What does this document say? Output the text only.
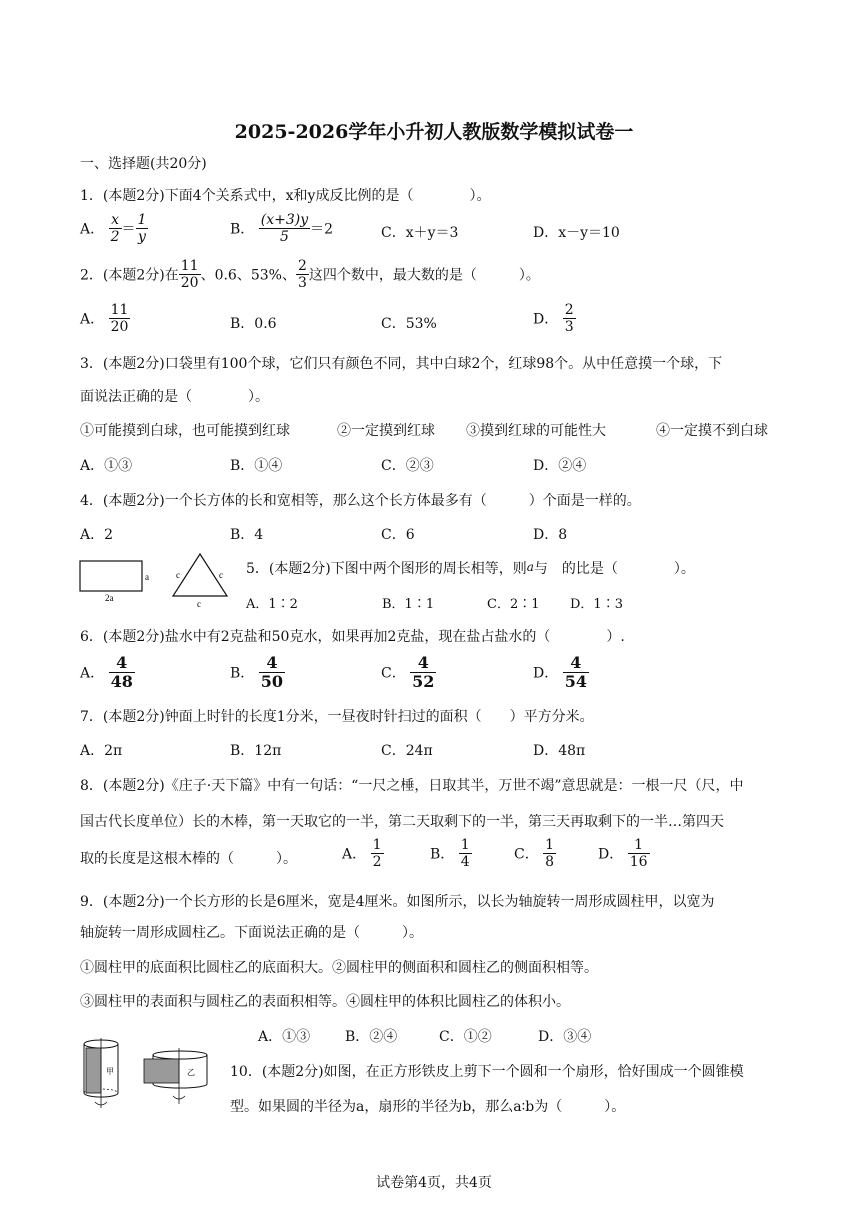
2025-2026学年小升初人教版数学模拟试卷一
一、选择题(共20分)
1．(本题2分)下面4个关系式中，x和y成反比例的是（　　　　）。
A． $\frac{x}{2} = \frac{1}{y}$	B． $\frac{(x+3)y}{5} =2$	C．x＋y＝3	D．x－y＝10
2．(本题2分)在 $\frac{11}{20}$ 、0.6、53%、 $\frac{2}{3}$ 这四个数中，最大数的是（　　　）。
A． $\frac{11}{20}$	B．0.6	C．53%	D． $\frac{2}{3}$
3．(本题2分)口袋里有100个球，它们只有颜色不同，其中白球2个，红球98个。从中任意摸一个球，下
面说法正确的是（　　　　）。
①可能摸到白球，也可能摸到红球	②一定摸到红球 ③摸到红球的可能性大	④一定摸不到白球
A．①③	B．①④	C．②③	D．②④
4．(本题2分)一个长方体的长和宽相等，那么这个长方体最多有（　　　）个面是一样的。
A．2	B．4	C．6	D．8
a
2a
c	c
c
5．(本题2分)下图中两个图形的周长相等，则a与　的比是（　　　　）。
A．1∶2	B．1∶1	C．2∶1 D．1∶3
6．(本题2分)盐水中有2克盐和50克水，如果再加2克盐，现在盐占盐水的（　　　　）.
A． $\frac{4}{48}$	B． $\frac{4}{50}$	C． $\frac{4}{52}$	D． $\frac{4}{54}$
7．(本题2分)钟面上时针的长度1分米，一昼夜时针扫过的面积（　　）平方分米。
A．2π	B．12π	C．24π	D．48π
8．(本题2分)《庄子·天下篇》中有一句话：“一尺之棰，日取其半，万世不竭”意思就是：一根一尺（尺，中
国古代长度单位）长的木棒，第一天取它的一半，第二天取剩下的一半，第三天再取剩下的一半…第四天
取的长度是这根木棒的（　　　）。	A． $\frac{1}{2}$	B． $\frac{1}{4}$	C． $\frac{1}{8}$	D． $\frac{1}{16}$
9．(本题2分)一个长方形的长是6厘米，宽是4厘米。如图所示，以长为轴旋转一周形成圆柱甲，以宽为
轴旋转一周形成圆柱乙。下面说法正确的是（　　　）。
①圆柱甲的底面积比圆柱乙的底面积大。②圆柱甲的侧面积和圆柱乙的侧面积相等。
③圆柱甲的表面积与圆柱乙的表面积相等。④圆柱甲的体积比圆柱乙的体积小。
A．①③ B．②④	C．①②	D．③④
甲	乙	10．(本题2分)如图，在正方形铁皮上剪下一个圆和一个扇形，恰好围成一个圆锥模
型。如果圆的半径为a，扇形的半径为b，那么a∶b为（　　　）。
试卷第4页，共4页
